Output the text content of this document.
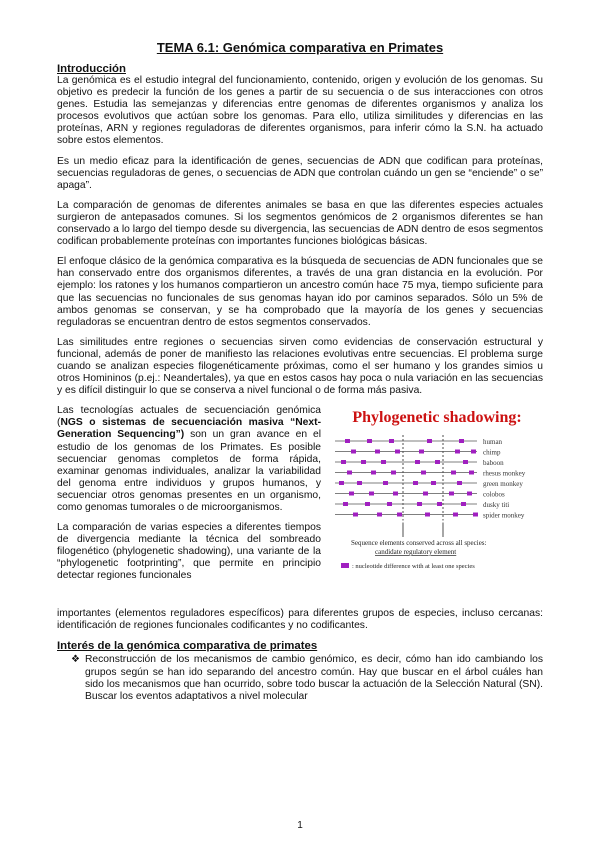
TEMA 6.1: Genómica comparativa en Primates
Introducción

La genómica es el estudio integral del funcionamiento, contenido, origen y evolución de los genomas. Su objetivo es predecir la función de los genes a partir de su secuencia o de sus interacciones con otros genes. Estudia las semejanzas y diferencias entre genomas de diferentes organismos y analiza los procesos evolutivos que actúan sobre los genomas. Para ello, utiliza similitudes y diferencias en las proteínas, ARN y regiones reguladoras de diferentes organismos, para inferir cómo la S.N. ha actuado sobre estos elementos.

Es un medio eficaz para la identificación de genes, secuencias de ADN que codifican para proteínas, secuencias reguladoras de genes, o secuencias de ADN que controlan cuándo un gen se “enciende” o se” apaga”.

La comparación de genomas de diferentes animales se basa en que las diferentes especies actuales surgieron de antepasados comunes. Si los segmentos genómicos de 2 organismos diferentes se han conservado a lo largo del tiempo desde su divergencia, las secuencias de ADN dentro de esos segmentos codifican probablemente proteínas con importantes funciones biológicas básicas.

El enfoque clásico de la genómica comparativa es la búsqueda de secuencias de ADN funcionales que se han conservado entre dos organismos diferentes, a través de una gran distancia en la evolución. Por ejemplo: los ratones y los humanos compartieron un ancestro común hace 75 mya, tiempo suficiente para que las secuencias no funcionales de sus genomas hayan ido por caminos separados. Sólo un 5% de ambos genomas se conservan, y se ha comprobado que la mayoría de los genes y secuencias reguladoras se encuentran dentro de estos segmentos conservados.

Las similitudes entre regiones o secuencias sirven como evidencias de conservación estructural y funcional, además de poner de manifiesto las relaciones evolutivas entre secuencias. El problema surge cuando se analizan especies filogenéticamente próximas, como el ser humano y los grandes simios u otros Homininos (p.ej.: Neandertales), ya que en estos casos hay poca o nula variación en las secuencias y es difícil distinguir lo que se conserva a nivel funcional o de forma más pasiva.

Las tecnologías actuales de secuenciación genómica (NGS o sistemas de secuenciación masiva “Next-Generation Sequencing”) son un gran avance en el estudio de los genomas de los Primates. Es posible secuenciar genomas completos de forma rápida, examinar genomas individuales, analizar la variabilidad del genoma entre individuos y grupos humanos, y secuenciar otros genomas presentes en un organismo, como genomas tumorales o de microorganismos.

La comparación de varias especies a diferentes tiempos de divergencia mediante la técnica del sombreado filogenético (phylogenetic shadowing), una variante de la “phylogenetic footprinting”, que permite en principio detectar regiones funcionales

Phylogenetic shadowing:
human
chimp
baboon
rhesus monkey
green monkey
colobos
dusky titi
spider monkey
Sequence elements conserved across all species:
candidate regulatory element
: nucleotide difference with at least one species

importantes (elementos reguladores específicos) para diferentes grupos de especies, incluso cercanas: identificación de regiones funcionales codificantes y no codificantes.

Interés de la genómica comparativa de primates
❖ Reconstrucción de los mecanismos de cambio genómico, es decir, cómo han ido cambiando los grupos según se han ido separando del ancestro común. Hay que buscar en el árbol cuáles han sido los mecanismos que han ocurrido, sobre todo buscar la actuación de la Selección Natural (SN). Buscar los eventos adaptativos a nivel molecular
1
